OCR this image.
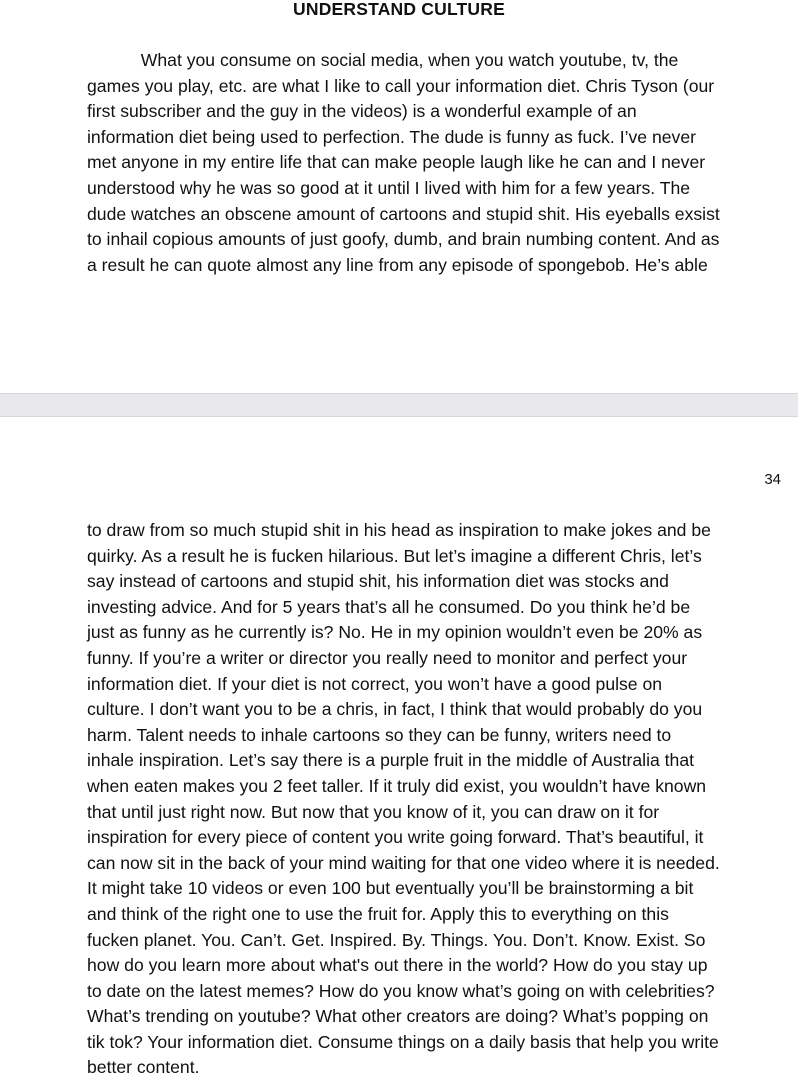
UNDERSTAND CULTURE
What you consume on social media, when you watch youtube, tv, the
games you play, etc. are what I like to call your information diet. Chris Tyson (our
first subscriber and the guy in the videos) is a wonderful example of an
information diet being used to perfection. The dude is funny as fuck. I’ve never
met anyone in my entire life that can make people laugh like he can and I never
understood why he was so good at it until I lived with him for a few years. The
dude watches an obscene amount of cartoons and stupid shit. His eyeballs exsist
to inhail copious amounts of just goofy, dumb, and brain numbing content. And as
a result he can quote almost any line from any episode of spongebob. He’s able
34
to draw from so much stupid shit in his head as inspiration to make jokes and be
quirky. As a result he is fucken hilarious. But let’s imagine a different Chris, let’s
say instead of cartoons and stupid shit, his information diet was stocks and
investing advice. And for 5 years that’s all he consumed. Do you think he’d be
just as funny as he currently is? No. He in my opinion wouldn’t even be 20% as
funny. If you’re a writer or director you really need to monitor and perfect your
information diet. If your diet is not correct, you won’t have a good pulse on
culture. I don’t want you to be a chris, in fact, I think that would probably do you
harm. Talent needs to inhale cartoons so they can be funny, writers need to
inhale inspiration. Let’s say there is a purple fruit in the middle of Australia that
when eaten makes you 2 feet taller. If it truly did exist, you wouldn’t have known
that until just right now. But now that you know of it, you can draw on it for
inspiration for every piece of content you write going forward. That’s beautiful, it
can now sit in the back of your mind waiting for that one video where it is needed.
It might take 10 videos or even 100 but eventually you’ll be brainstorming a bit
and think of the right one to use the fruit for. Apply this to everything on this
fucken planet. You. Can’t. Get. Inspired. By. Things. You. Don’t. Know. Exist. So
how do you learn more about what's out there in the world? How do you stay up
to date on the latest memes? How do you know what’s going on with celebrities?
What’s trending on youtube? What other creators are doing? What’s popping on
tik tok? Your information diet. Consume things on a daily basis that help you write
better content.
